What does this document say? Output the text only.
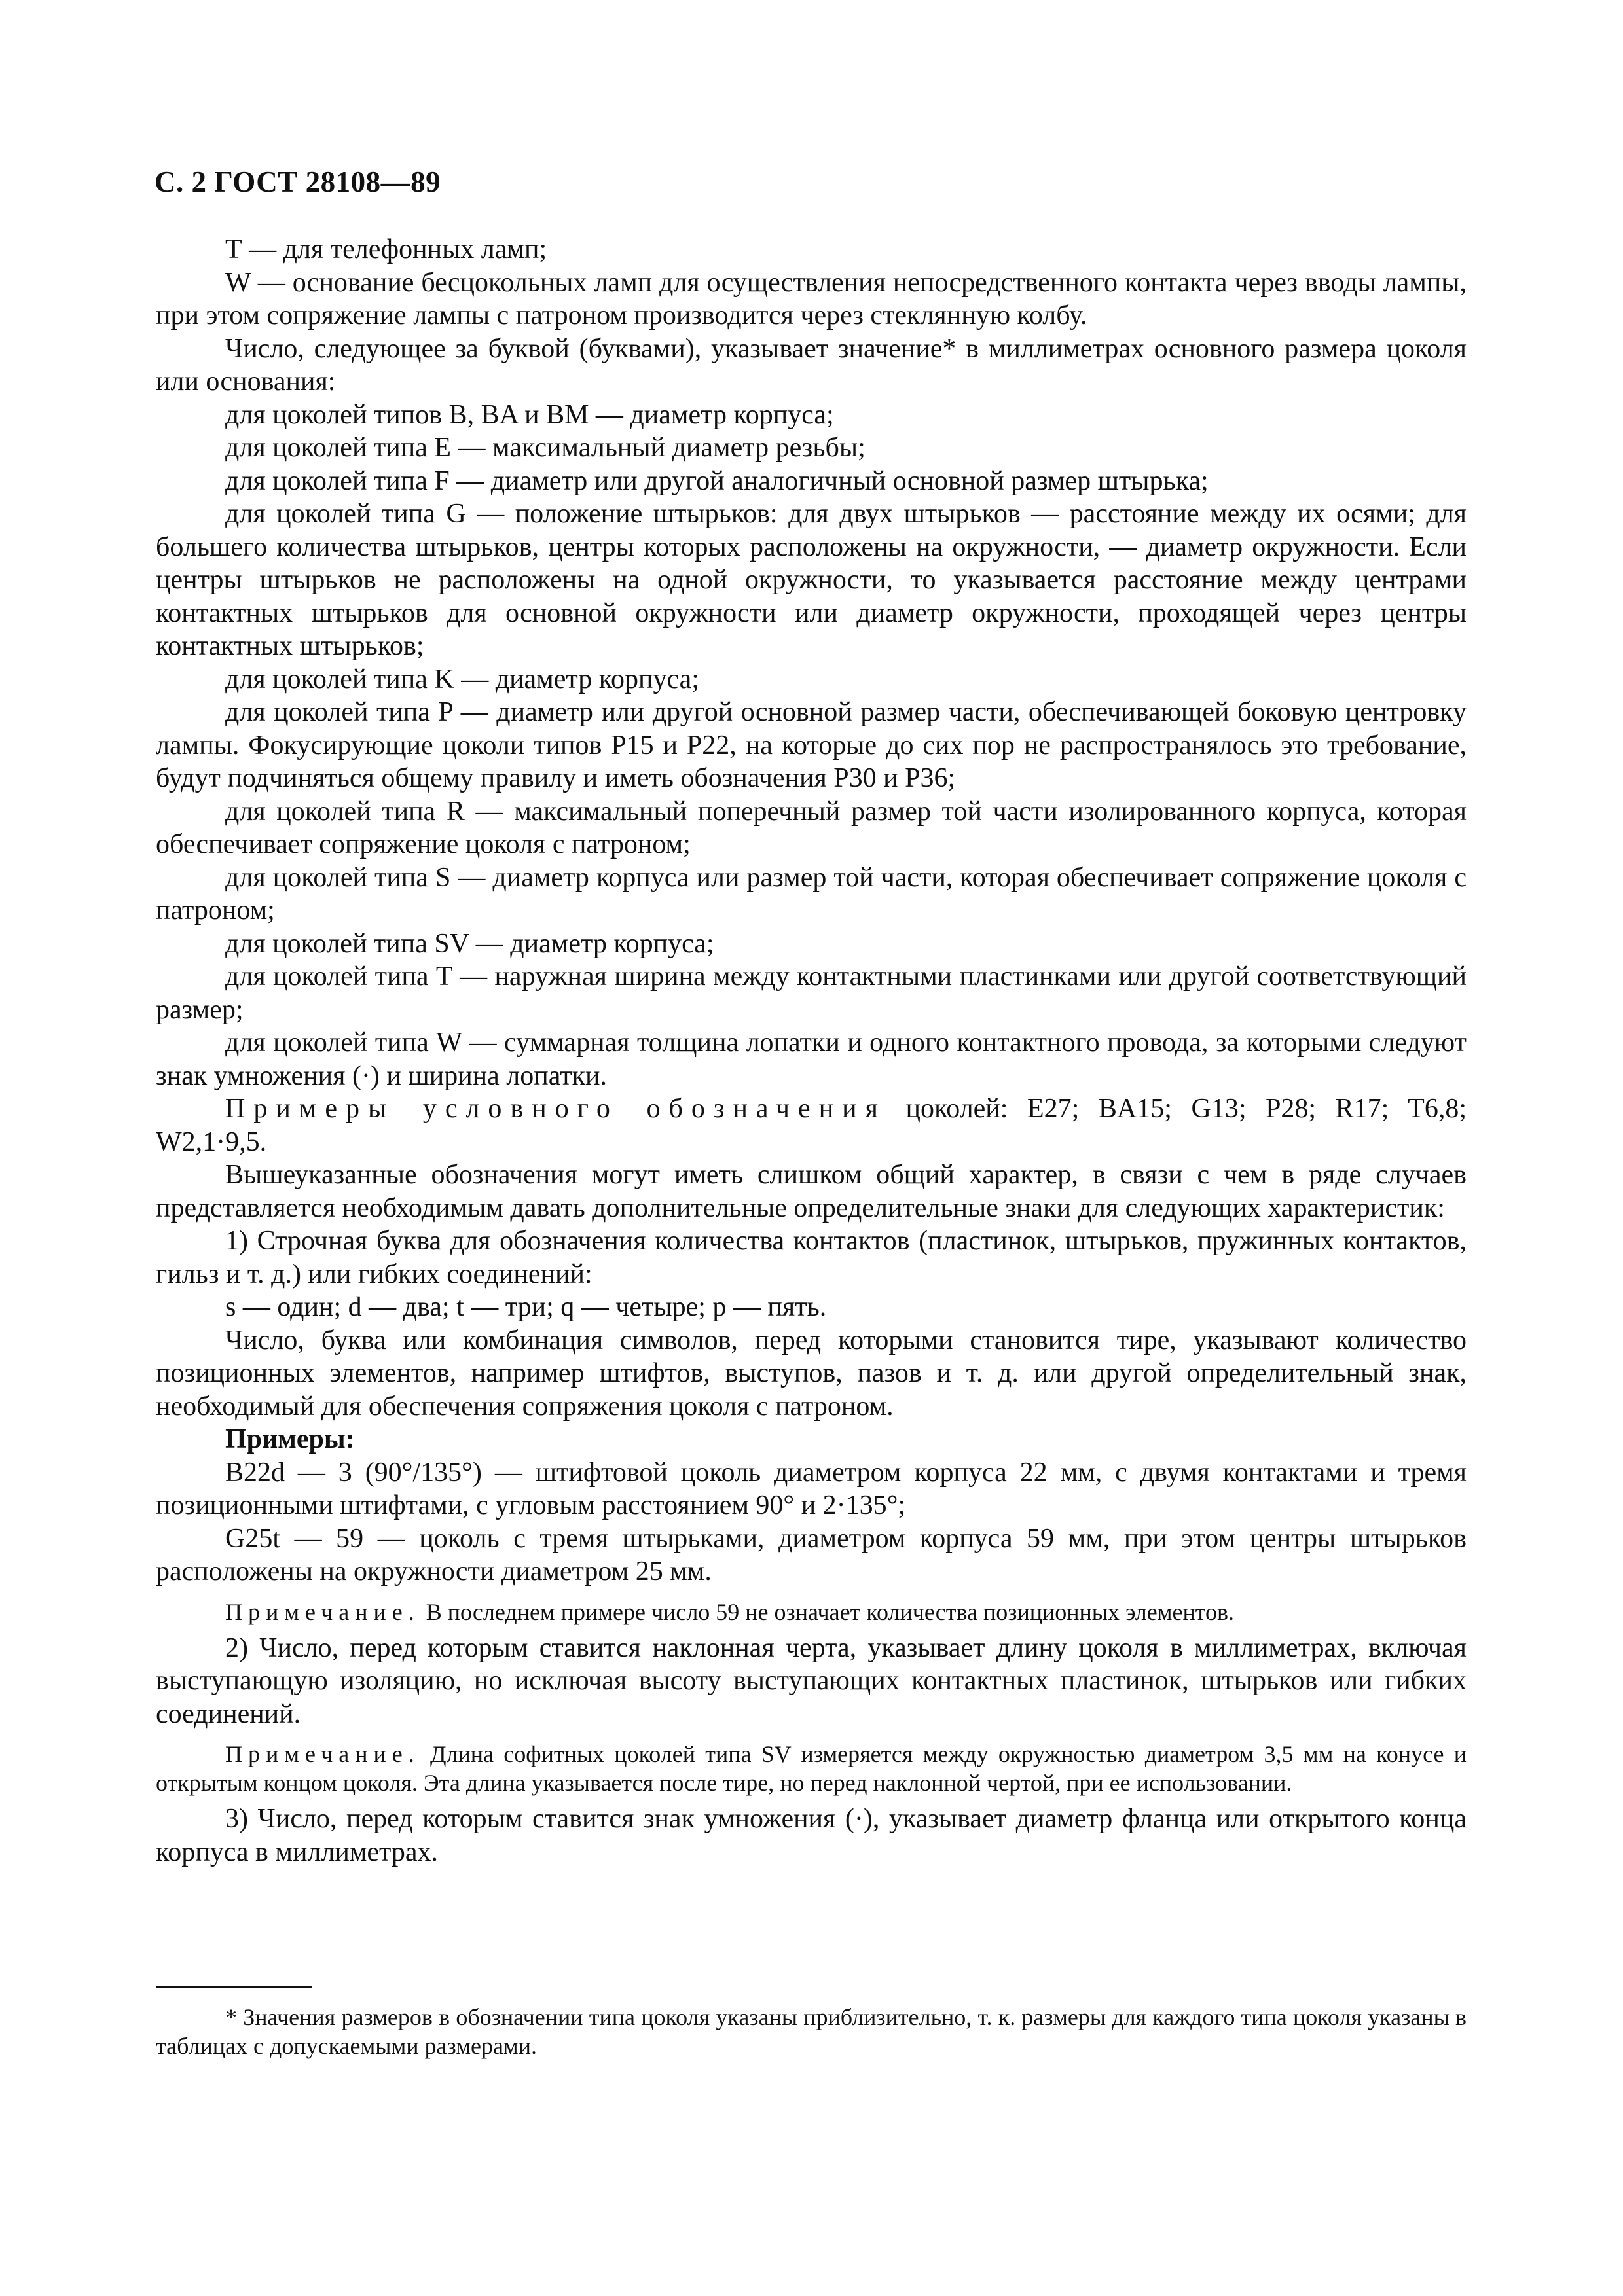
С. 2 ГОСТ 28108—89

Т — для телефонных ламп;

W — основание бесцокольных ламп для осуществления непосредственного контакта через вводы лампы, при этом сопряжение лампы с патроном производится через стеклянную колбу.

Число, следующее за буквой (буквами), указывает значение* в миллиметрах основного размера цоколя или основания:

для цоколей типов B, BA и BM — диаметр корпуса;

для цоколей типа E — максимальный диаметр резьбы;

для цоколей типа F — диаметр или другой аналогичный основной размер штырька;

для цоколей типа G — положение штырьков: для двух штырьков — расстояние между их осями; для большего количества штырьков, центры которых расположены на окружности, — диаметр окружности. Если центры штырьков не расположены на одной окружности, то указывается расстояние между центрами контактных штырьков для основной окружности или диаметр окружности, проходящей через центры контактных штырьков;

для цоколей типа K — диаметр корпуса;

для цоколей типа P — диаметр или другой основной размер части, обеспечивающей боковую центровку лампы. Фокусирующие цоколи типов P15 и P22, на которые до сих пор не распространялось это требование, будут подчиняться общему правилу и иметь обозначения P30 и P36;

для цоколей типа R — максимальный поперечный размер той части изолированного корпуса, которая обеспечивает сопряжение цоколя с патроном;

для цоколей типа S — диаметр корпуса или размер той части, которая обеспечивает сопряжение цоколя с патроном;

для цоколей типа SV — диаметр корпуса;

для цоколей типа T — наружная ширина между контактными пластинками или другой соответствующий размер;

для цоколей типа W — суммарная толщина лопатки и одного контактного провода, за которыми следуют знак умножения (·) и ширина лопатки.

Примеры условного обозначения цоколей: E27; BA15; G13; P28; R17; T6,8; W2,1·9,5.

Вышеуказанные обозначения могут иметь слишком общий характер, в связи с чем в ряде случаев представляется необходимым давать дополнительные определительные знаки для следующих характеристик:

1) Строчная буква для обозначения количества контактов (пластинок, штырьков, пружинных контактов, гильз и т. д.) или гибких соединений:

s — один; d — два; t — три; q — четыре; p — пять.

Число, буква или комбинация символов, перед которыми становится тире, указывают количество позиционных элементов, например штифтов, выступов, пазов и т. д. или другой определительный знак, необходимый для обеспечения сопряжения цоколя с патроном.

Примеры:

B22d — 3 (90°/135°) — штифтовой цоколь диаметром корпуса 22 мм, с двумя контактами и тремя позиционными штифтами, с угловым расстоянием 90° и 2·135°;

G25t — 59 — цоколь с тремя штырьками, диаметром корпуса 59 мм, при этом центры штырьков расположены на окружности диаметром 25 мм.

Примечание. В последнем примере число 59 не означает количества позиционных элементов.

2) Число, перед которым ставится наклонная черта, указывает длину цоколя в миллиметрах, включая выступающую изоляцию, но исключая высоту выступающих контактных пластинок, штырьков или гибких соединений.

Примечание. Длина софитных цоколей типа SV измеряется между окружностью диаметром 3,5 мм на конусе и открытым концом цоколя. Эта длина указывается после тире, но перед наклонной чертой, при ее использовании.

3) Число, перед которым ставится знак умножения (·), указывает диаметр фланца или открытого конца корпуса в миллиметрах.

* Значения размеров в обозначении типа цоколя указаны приблизительно, т. к. размеры для каждого типа цоколя указаны в таблицах с допускаемыми размерами.
